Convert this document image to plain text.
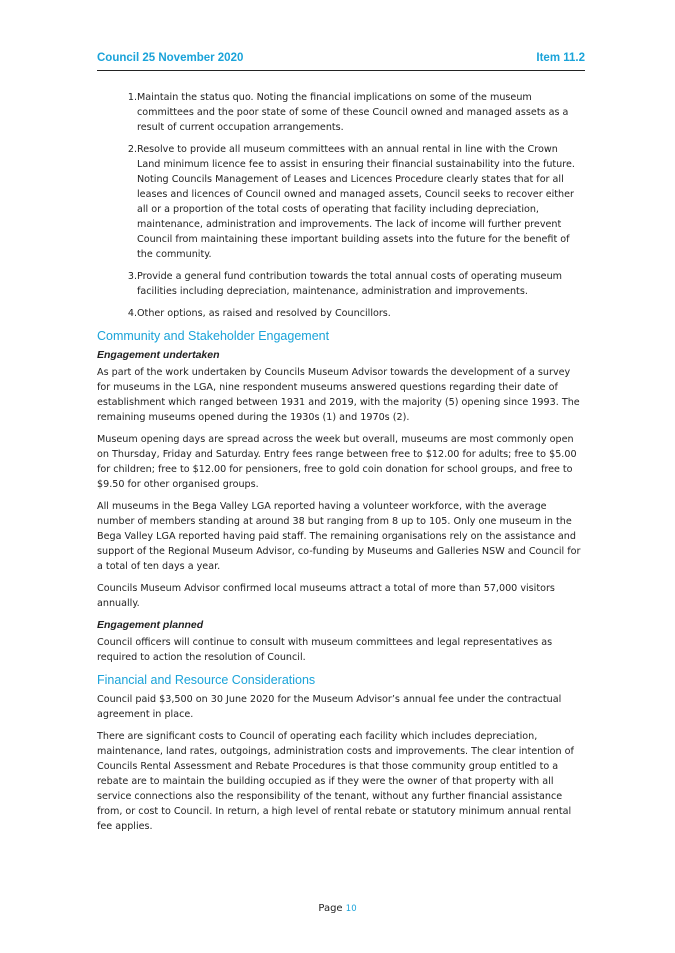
Council 25 November 2020	Item 11.2
1. Maintain the status quo. Noting the financial implications on some of the museum committees and the poor state of some of these Council owned and managed assets as a result of current occupation arrangements.
2. Resolve to provide all museum committees with an annual rental in line with the Crown Land minimum licence fee to assist in ensuring their financial sustainability into the future. Noting Councils Management of Leases and Licences Procedure clearly states that for all leases and licences of Council owned and managed assets, Council seeks to recover either all or a proportion of the total costs of operating that facility including depreciation, maintenance, administration and improvements. The lack of income will further prevent Council from maintaining these important building assets into the future for the benefit of the community.
3. Provide a general fund contribution towards the total annual costs of operating museum facilities including depreciation, maintenance, administration and improvements.
4. Other options, as raised and resolved by Councillors.
Community and Stakeholder Engagement
Engagement undertaken

As part of the work undertaken by Councils Museum Advisor towards the development of a survey for museums in the LGA, nine respondent museums answered questions regarding their date of establishment which ranged between 1931 and 2019, with the majority (5) opening since 1993. The remaining museums opened during the 1930s (1) and 1970s (2).

Museum opening days are spread across the week but overall, museums are most commonly open on Thursday, Friday and Saturday. Entry fees range between free to $12.00 for adults; free to $5.00 for children; free to $12.00 for pensioners, free to gold coin donation for school groups, and free to $9.50 for other organised groups.

All museums in the Bega Valley LGA reported having a volunteer workforce, with the average number of members standing at around 38 but ranging from 8 up to 105. Only one museum in the Bega Valley LGA reported having paid staff. The remaining organisations rely on the assistance and support of the Regional Museum Advisor, co-funding by Museums and Galleries NSW and Council for a total of ten days a year.

Councils Museum Advisor confirmed local museums attract a total of more than 57,000 visitors annually.

Engagement planned

Council officers will continue to consult with museum committees and legal representatives as required to action the resolution of Council.

Financial and Resource Considerations

Council paid $3,500 on 30 June 2020 for the Museum Advisor’s annual fee under the contractual agreement in place.

There are significant costs to Council of operating each facility which includes depreciation, maintenance, land rates, outgoings, administration costs and improvements. The clear intention of Councils Rental Assessment and Rebate Procedures is that those community group entitled to a rebate are to maintain the building occupied as if they were the owner of that property with all service connections also the responsibility of the tenant, without any further financial assistance from, or cost to Council. In return, a high level of rental rebate or statutory minimum annual rental fee applies.

Page 10
